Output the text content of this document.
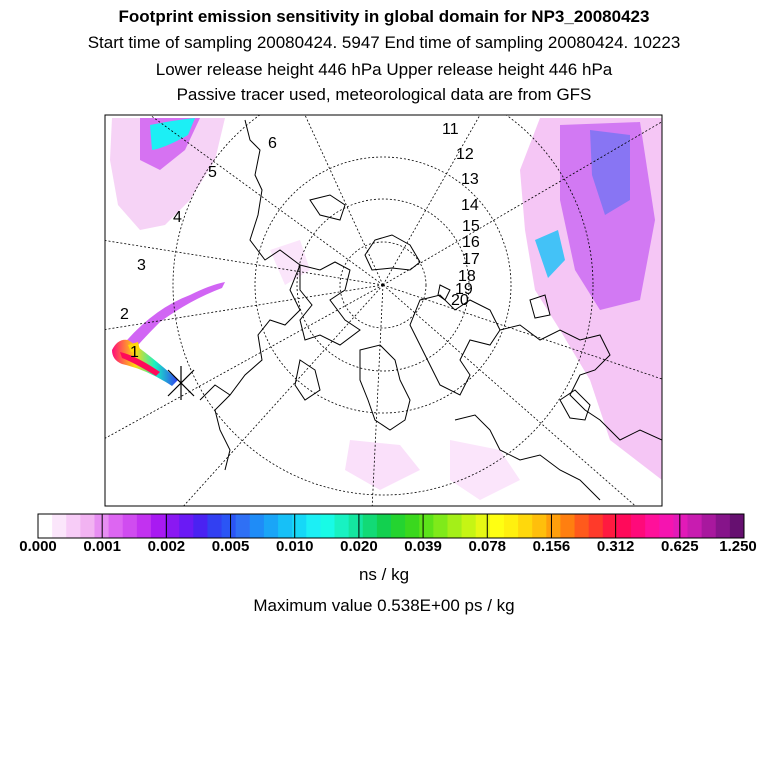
Footprint emission sensitivity in global domain for NP3_20080423
Start time of sampling 20080424. 5947 End time of sampling 20080424. 10223
Lower release height 446 hPa Upper release height 446 hPa
Passive tracer used, meteorological data are from GFS
1
2
3
4
5
6
11
12
13
14
15
16
17
18
19
20
0.000 0.001 0.002 0.005 0.010 0.020 0.039 0.078 0.156 0.312 0.625 1.250
ns / kg
Maximum value 0.538E+00 ps / kg
